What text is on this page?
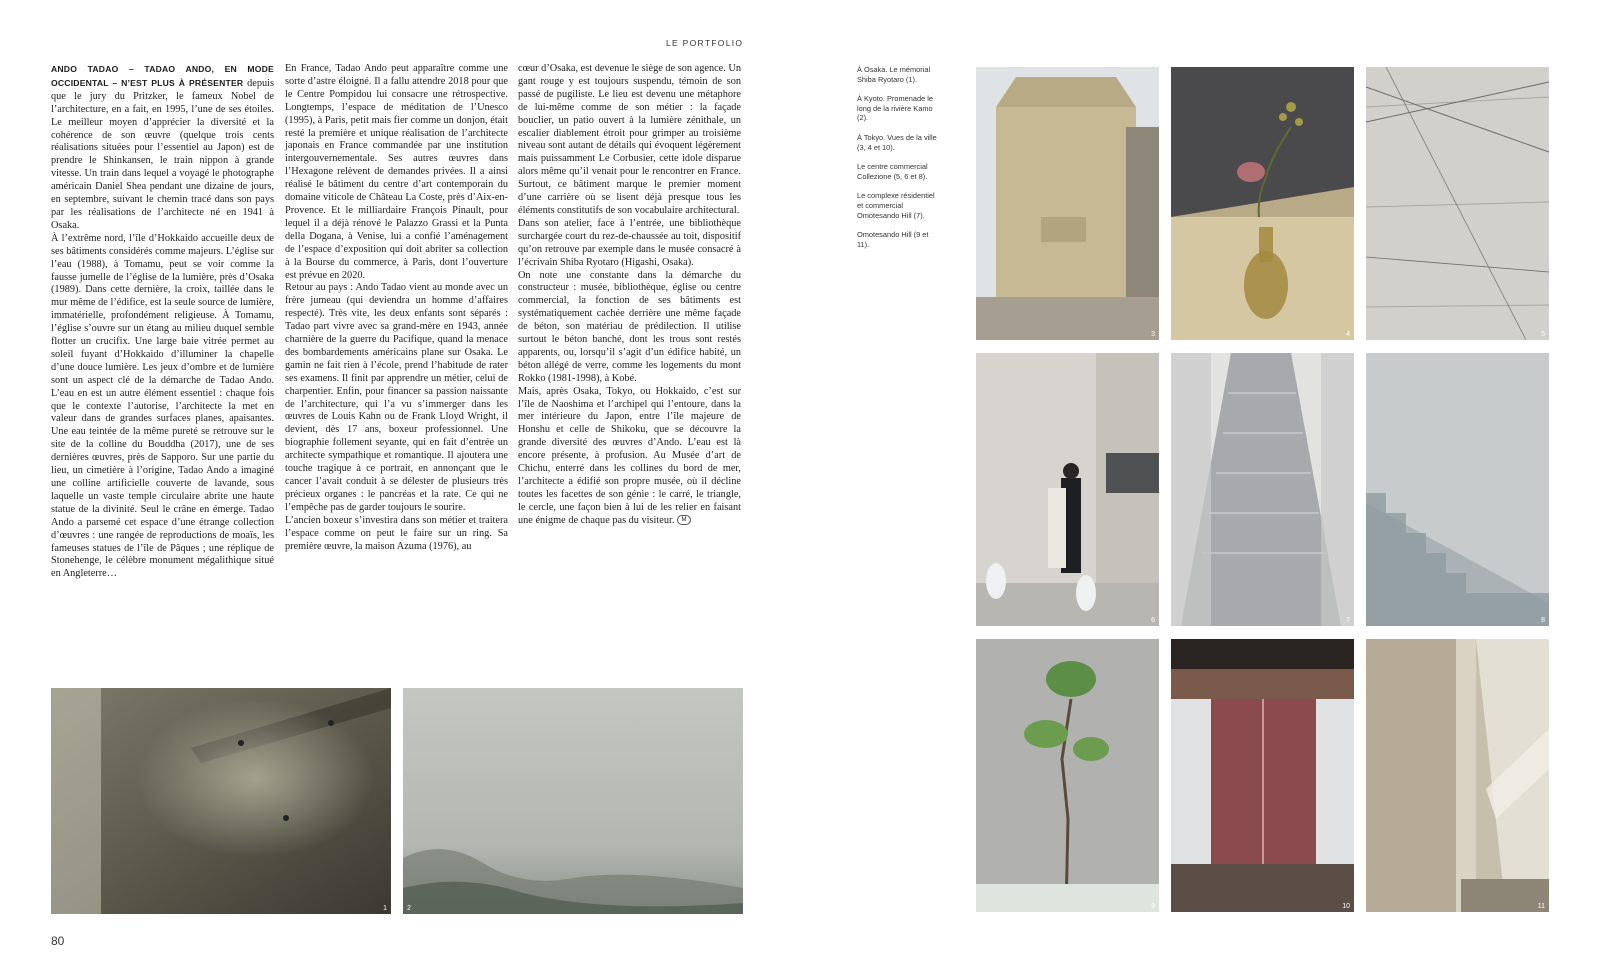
LE PORTFOLIO

ANDO TADAO – TADAO ANDO, EN MODE OCCIDENTAL – N’EST PLUS À PRÉSENTER depuis que le jury du Pritzker, le fameux Nobel de l’architecture, en a fait, en 1995, l’une de ses étoiles. Le meilleur moyen d’apprécier la diversité et la cohérence de son œuvre (quelque trois cents réalisations situées pour l’essentiel au Japon) est de prendre le Shinkansen, le train nippon à grande vitesse. Un train dans lequel a voyagé le photographe américain Daniel Shea pendant une dizaine de jours, en septembre, suivant le chemin tracé dans son pays par les réalisations de l’architecte né en 1941 à Osaka.

À l’extrême nord, l’île d’Hokkaido accueille deux de ses bâtiments considérés comme majeurs. L’église sur l’eau (1988), à Tomamu, peut se voir comme la fausse jumelle de l’église de la lumière, près d’Osaka (1989). Dans cette dernière, la croix, taillée dans le mur même de l’édifice, est la seule source de lumière, immatérielle, profondément religieuse. À Tomamu, l’église s’ouvre sur un étang au milieu duquel semble flotter un crucifix. Une large baie vitrée permet au soleil fuyant d’Hokkaido d’illuminer la chapelle d’une douce lumière. Les jeux d’ombre et de lumière sont un aspect clé de la démarche de Tadao Ando. L’eau en est un autre élément essentiel : chaque fois que le contexte l’autorise, l’architecte la met en valeur dans de grandes surfaces planes, apaisantes. Une eau teintée de la même pureté se retrouve sur le site de la colline du Bouddha (2017), une de ses dernières œuvres, près de Sapporo. Sur une partie du lieu, un cimetière à l’origine, Tadao Ando a imaginé une colline artificielle couverte de lavande, sous laquelle un vaste temple circulaire abrite une haute statue de la divinité. Seul le crâne en émerge. Tadao Ando a parsemé cet espace d’une étrange collection d’œuvres : une rangée de reproductions de moaïs, les fameuses statues de l’île de Pâques ; une réplique de Stonehenge, le célèbre monument mégalithique situé en Angleterre…

En France, Tadao Ando peut apparaître comme une sorte d’astre éloigné. Il a fallu attendre 2018 pour que le Centre Pompidou lui consacre une rétrospective. Longtemps, l’espace de méditation de l’Unesco (1995), à Paris, petit mais fier comme un donjon, était resté la première et unique réalisation de l’architecte japonais en France commandée par une institution intergouvernementale. Ses autres œuvres dans l’Hexagone relèvent de demandes privées. Il a ainsi réalisé le bâtiment du centre d’art contemporain du domaine viticole de Château La Coste, près d’Aix-en-Provence. Et le milliardaire François Pinault, pour lequel il a déjà rénové le Palazzo Grassi et la Punta della Dogana, à Venise, lui a confié l’aménagement de l’espace d’exposition qui doit abriter sa collection à la Bourse du commerce, à Paris, dont l’ouverture est prévue en 2020.

Retour au pays : Ando Tadao vient au monde avec un frère jumeau (qui deviendra un homme d’affaires respecté). Très vite, les deux enfants sont séparés : Tadao part vivre avec sa grand-mère en 1943, année charnière de la guerre du Pacifique, quand la menace des bombardements américains plane sur Osaka. Le gamin ne fait rien à l’école, prend l’habitude de rater ses examens. Il finit par apprendre un métier, celui de charpentier. Enfin, pour financer sa passion naissante de l’architecture, qui l’a vu s’immerger dans les œuvres de Louis Kahn ou de Frank Lloyd Wright, il devient, dès 17 ans, boxeur professionnel. Une biographie follement seyante, qui en fait d’entrée un architecte sympathique et romantique. Il ajoutera une touche tragique à ce portrait, en annonçant que le cancer l’avait conduit à se délester de plusieurs très précieux organes : le pancréas et la rate. Ce qui ne l’empêche pas de garder toujours le sourire.

L’ancien boxeur s’investira dans son métier et traitera l’espace comme on peut le faire sur un ring. Sa première œuvre, la maison Azuma (1976), au

cœur d’Osaka, est devenue le siège de son agence. Un gant rouge y est toujours suspendu, témoin de son passé de pugiliste. Le lieu est devenu une métaphore de lui-même comme de son métier : la façade bouclier, un patio ouvert à la lumière zénithale, un escalier diablement étroit pour grimper au troisième niveau sont autant de détails qui évoquent légèrement mais puissamment Le Corbusier, cette idole disparue alors même qu’il venait pour le rencontrer en France. Surtout, ce bâtiment marque le premier moment d’une carrière où se lisent déjà presque tous les éléments constitutifs de son vocabulaire architectural.

Dans son atelier, face à l’entrée, une bibliothèque surchargée court du rez-de-chaussée au toit, dispositif qu’on retrouve par exemple dans le musée consacré à l’écrivain Shiba Ryotaro (Higashi, Osaka).

On note une constante dans la démarche du constructeur : musée, bibliothèque, église ou centre commercial, la fonction de ses bâtiments est systématiquement cachée derrière une même façade de béton, son matériau de prédilection. Il utilise surtout le béton banché, dont les trous sont restés apparents, ou, lorsqu’il s’agit d’un édifice habité, un béton allégé de verre, comme les logements du mont Rokko (1981-1998), à Kobé.

Mais, après Osaka, Tokyo, ou Hokkaido, c’est sur l’île de Naoshima et l’archipel qui l’entoure, dans la mer intérieure du Japon, entre l’île majeure de Honshu et celle de Shikoku, que se découvre la grande diversité des œuvres d’Ando. L’eau est là encore présente, à profusion. Au Musée d’art de Chichu, enterré dans les collines du bord de mer, l’architecte a édifié son propre musée, où il décline toutes les facettes de son génie : le carré, le triangle, le cercle, une façon bien à lui de les relier en faisant une énigme de chaque pas du visiteur. M

À Osaka. Le mémorial Shiba Ryotaro (1).

À Kyoto. Promenade le long de la rivière Kamo (2).

À Tokyo. Vues de la ville (3, 4 et 10).

Le centre commercial Collezione (5, 6 et 8).

Le complexe résidentiel et commercial Omotesando Hill (7).

Omotesando Hill (9 et 11).

80
1	2
3	4	5
6	7	8
9	10	11
